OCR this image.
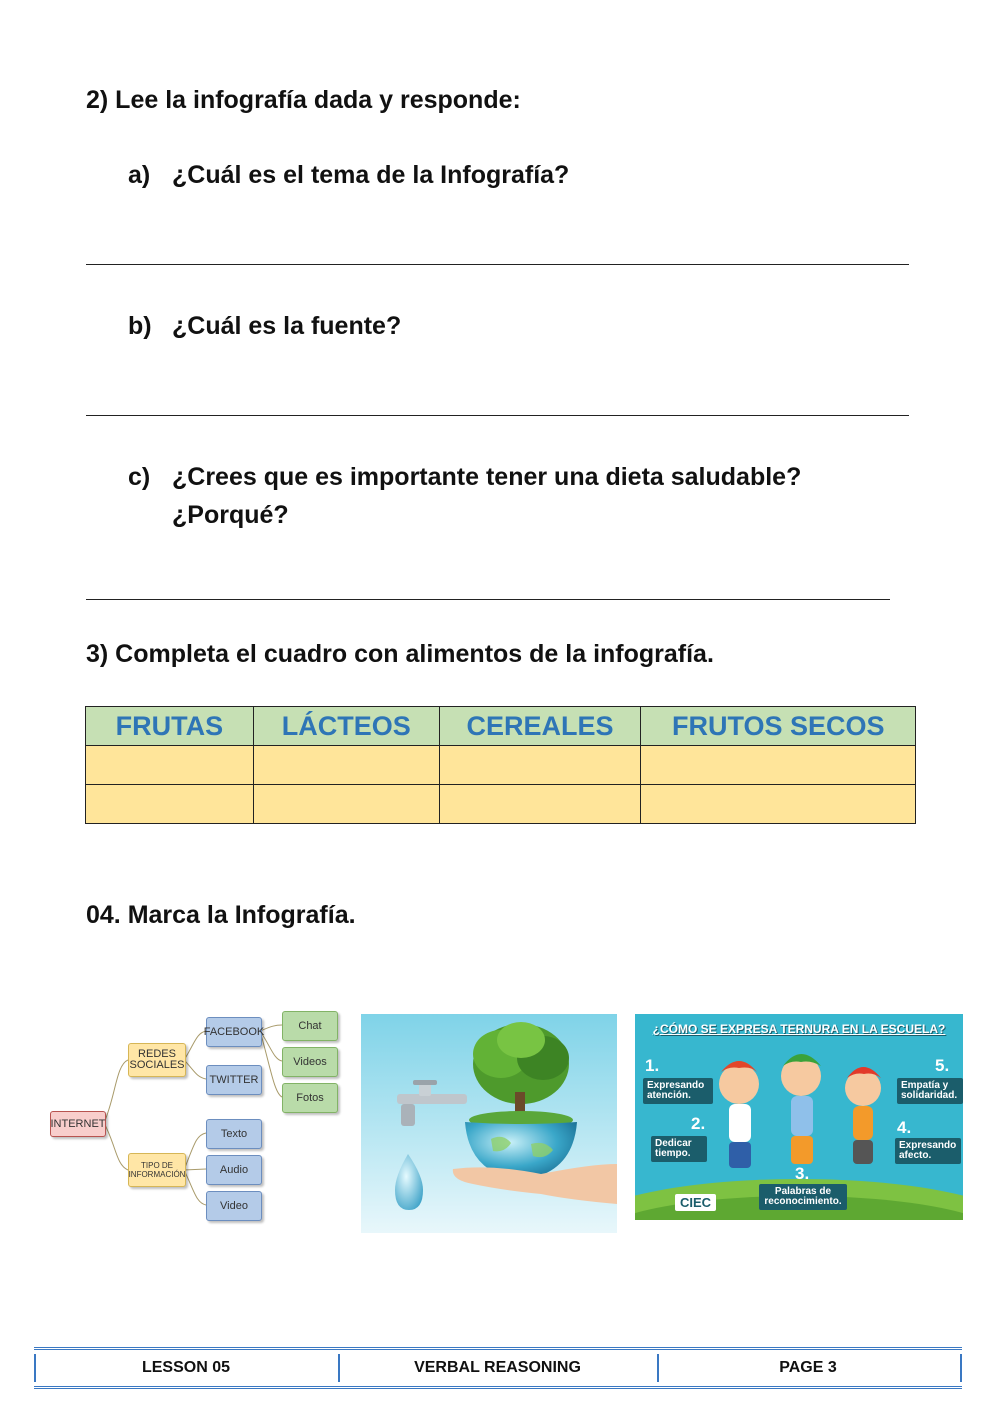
2) Lee la infografía dada y responde:
a) ¿Cuál es el tema de la Infografía?
b) ¿Cuál es la fuente?
c) ¿Crees que es importante tener una dieta saludable?
¿Porqué?
3) Completa el cuadro con alimentos de la infografía.
FRUTAS	LÁCTEOS	CEREALES	FRUTOS SECOS

04. Marca la Infografía.
INTERNET
REDES SOCIALES
TIPO DE INFORMACIÓN
FACEBOOK
TWITTER
Chat
Videos
Fotos
Texto
Audio
Video
¿CÓMO SE EXPRESA TERNURA EN LA ESCUELA?
1.
Expresando atención.
2.
Dedicar tiempo.
3.
Palabras de reconocimiento.
4.
Expresando afecto.
5.
Empatía y solidaridad.
CIEC
LESSON 05	VERBAL REASONING	PAGE 3
